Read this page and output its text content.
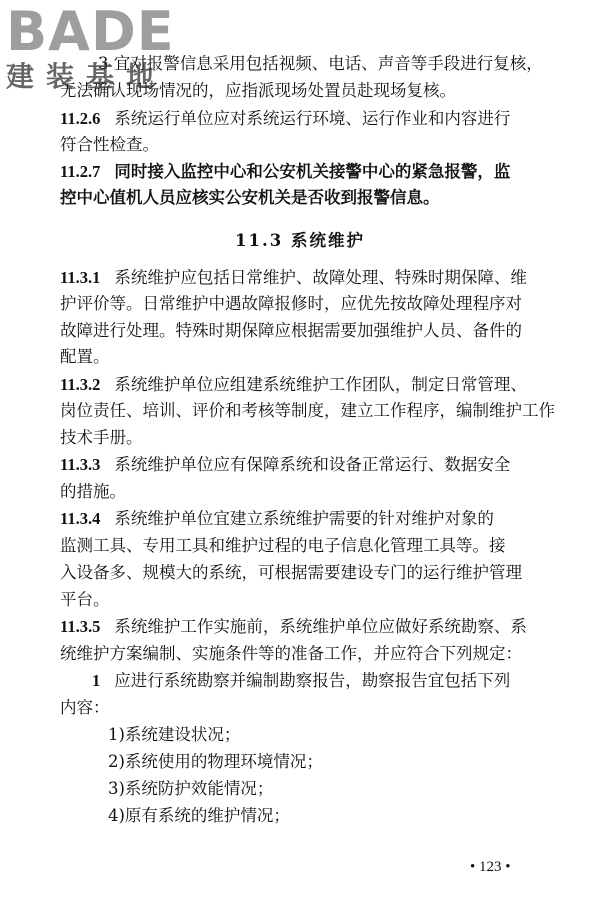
BADE
建装基地
3 宜对报警信息采用包括视频、电话、声音等手段进行复核，
无法确认现场情况的，应指派现场处置员赴现场复核。
11.2.6 系统运行单位应对系统运行环境、运行作业和内容进行
符合性检查。
11.2.7 同时接入监控中心和公安机关接警中心的紧急报警，监
控中心值机人员应核实公安机关是否收到报警信息。
11.3 系统维护
11.3.1 系统维护应包括日常维护、故障处理、特殊时期保障、维
护评价等。日常维护中遇故障报修时，应优先按故障处理程序对
故障进行处理。特殊时期保障应根据需要加强维护人员、备件的
配置。
11.3.2 系统维护单位应组建系统维护工作团队，制定日常管理、
岗位责任、培训、评价和考核等制度，建立工作程序，编制维护工作
技术手册。
11.3.3 系统维护单位应有保障系统和设备正常运行、数据安全
的措施。
11.3.4 系统维护单位宜建立系统维护需要的针对维护对象的
监测工具、专用工具和维护过程的电子信息化管理工具等。接
入设备多、规模大的系统，可根据需要建设专门的运行维护管理
平台。
11.3.5 系统维护工作实施前，系统维护单位应做好系统勘察、系
统维护方案编制、实施条件等的准备工作，并应符合下列规定：
1 应进行系统勘察并编制勘察报告，勘察报告宜包括下列
内容：
1)系统建设状况；
2)系统使用的物理环境情况；
3)系统防护效能情况；
4)原有系统的维护情况；
• 123 •
